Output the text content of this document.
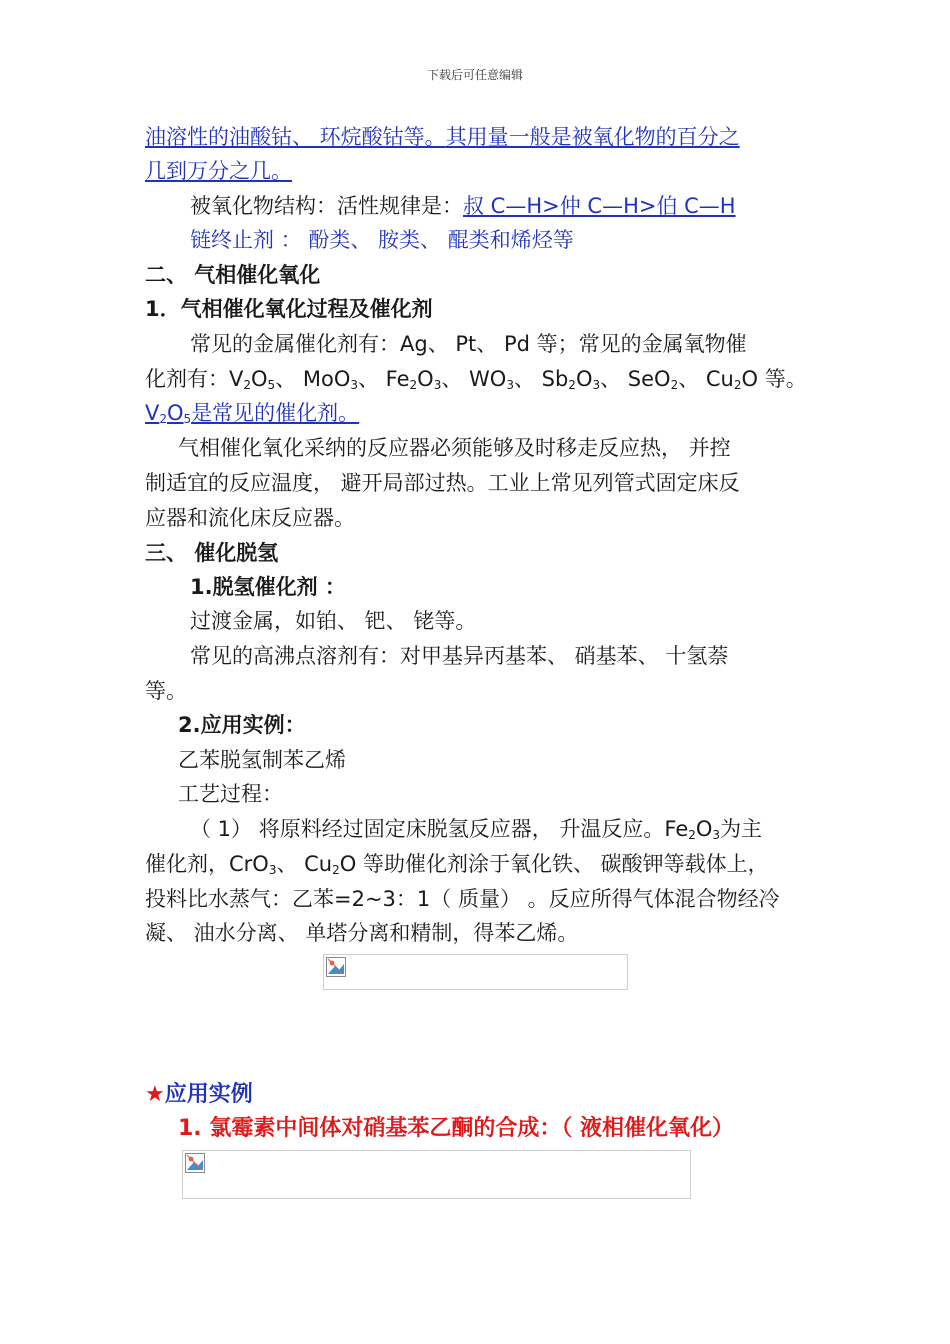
下载后可任意编辑
油溶性的油酸钴、 环烷酸钴等。其用量一般是被氧化物的百分之
几到万分之几。
被氧化物结构：活性规律是：叔 C—H>仲 C—H>伯 C—H
链终止剂 ： 酚类、 胺类、 醌类和烯烃等
二、 气相催化氧化
1．气相催化氧化过程及催化剂
常见的金属催化剂有：Ag、 Pt、 Pd 等；常见的金属氧物催
化剂有：$V_2O_5$、 MoO$_3$、 $Fe_2O_3$、 $WO_3$、 $Sb_2O_3$、 SeO$_2$、 $Cu_2O$ 等。
$V_2O_5$是常见的催化剂。
气相催化氧化采纳的反应器必须能够及时移走反应热， 并控
制适宜的反应温度， 避开局部过热。工业上常见列管式固定床反
应器和流化床反应器。
三、 催化脱氢
1.脱氢催化剂 ：
过渡金属，如铂、 钯、 铑等。
常见的高沸点溶剂有：对甲基异丙基苯、 硝基苯、 十氢萘
等。
2.应用实例：
乙苯脱氢制苯乙烯
工艺过程：
（ 1） 将原料经过固定床脱氢反应器， 升温反应。$Fe_2O_3$为主
催化剂，CrO$_3$、 $Cu_2O$ 等助催化剂涂于氧化铁、 碳酸钾等载体上，
投料比水蒸气：乙苯=2~3：1（ 质量） 。反应所得气体混合物经冷
凝、 油水分离、 单塔分离和精制，得苯乙烯。
★应用实例
1. 氯霉素中间体对硝基苯乙酮的合成：（ 液相催化氧化）
